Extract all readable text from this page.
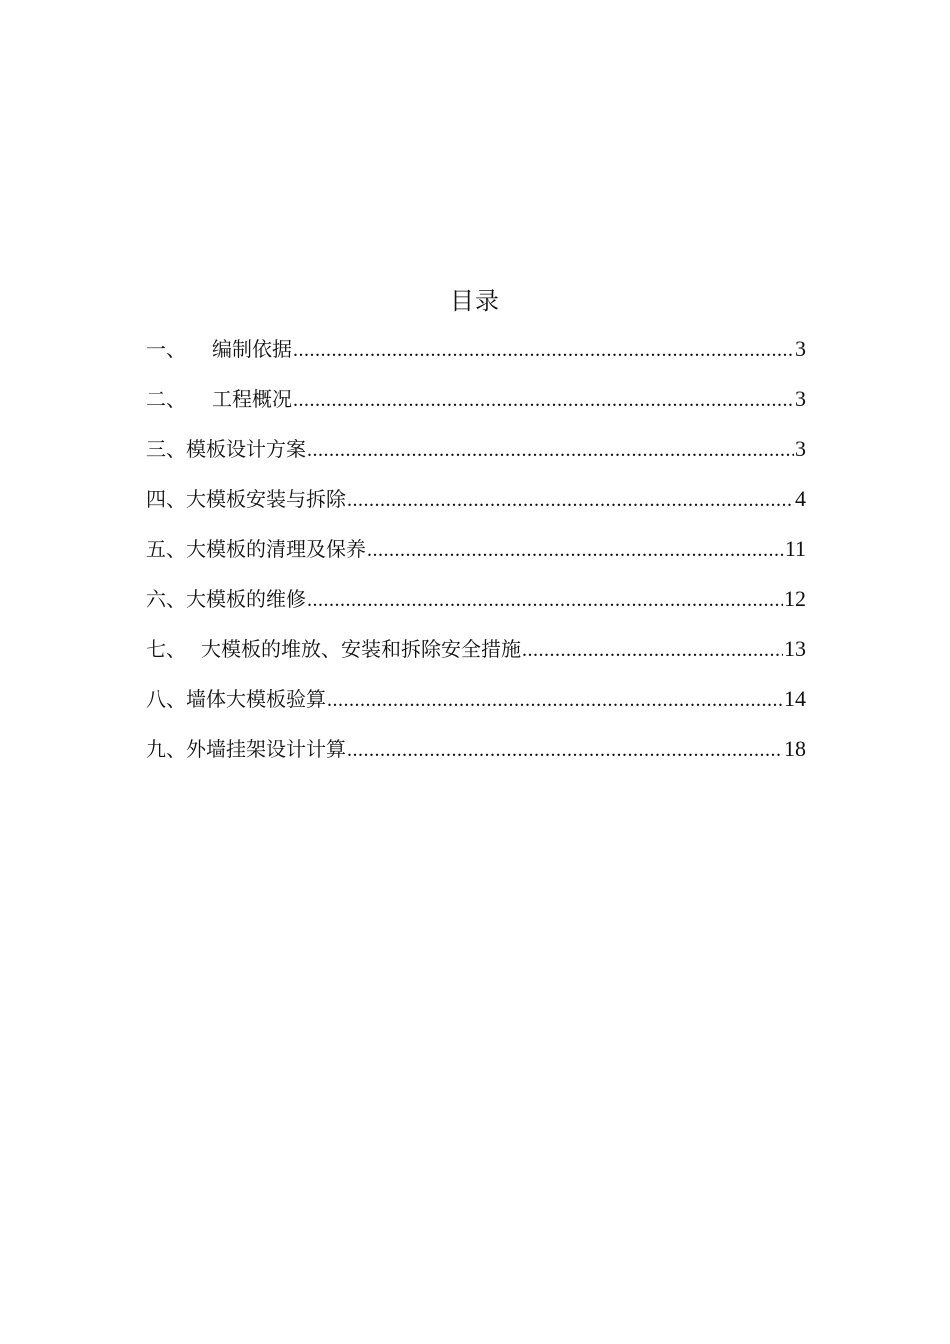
目录
一、	编制依据 .....	3
二、	工程概况 .....	3
三、 模板设计方案 .....	3
四、 大模板安装与拆除 .....	4
五、 大模板的清理及保养 .....	11
六、 大模板的维修 .....	12
七、 大模板的堆放、安装和拆除安全措施 .....	13
八、 墙体大模板验算 .....	14
九、 外墙挂架设计计算 .....	18
